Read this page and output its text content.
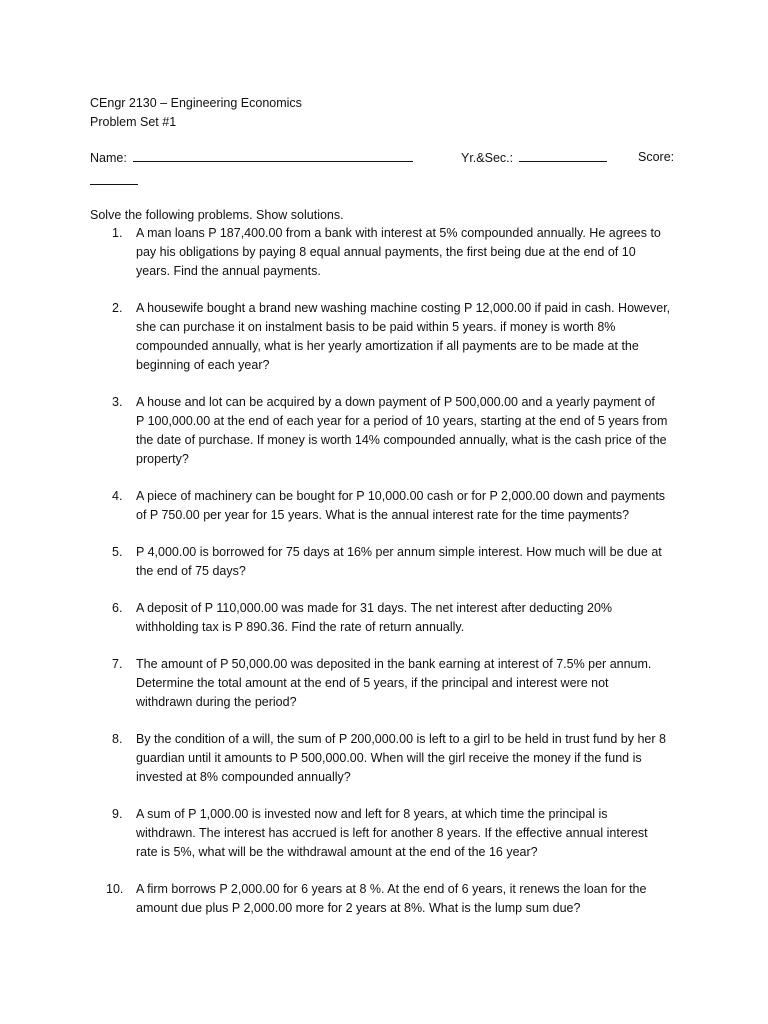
CEngr 2130 – Engineering Economics
Problem Set #1
Name:	Yr.&Sec.:	Score:
Solve the following problems. Show solutions.
1. A man loans P 187,400.00 from a bank with interest at 5% compounded annually. He agrees to
pay his obligations by paying 8 equal annual payments, the first being due at the end of 10
years. Find the annual payments.
2. A housewife bought a brand new washing machine costing P 12,000.00 if paid in cash. However,
she can purchase it on instalment basis to be paid within 5 years. if money is worth 8%
compounded annually, what is her yearly amortization if all payments are to be made at the
beginning of each year?
3. A house and lot can be acquired by a down payment of P 500,000.00 and a yearly payment of
P 100,000.00 at the end of each year for a period of 10 years, starting at the end of 5 years from
the date of purchase. If money is worth 14% compounded annually, what is the cash price of the
property?
4. A piece of machinery can be bought for P 10,000.00 cash or for P 2,000.00 down and payments
of P 750.00 per year for 15 years. What is the annual interest rate for the time payments?
5. P 4,000.00 is borrowed for 75 days at 16% per annum simple interest. How much will be due at
the end of 75 days?
6. A deposit of P 110,000.00 was made for 31 days. The net interest after deducting 20%
withholding tax is P 890.36. Find the rate of return annually.
7. The amount of P 50,000.00 was deposited in the bank earning at interest of 7.5% per annum.
Determine the total amount at the end of 5 years, if the principal and interest were not
withdrawn during the period?
8. By the condition of a will, the sum of P 200,000.00 is left to a girl to be held in trust fund by her 8
guardian until it amounts to P 500,000.00. When will the girl receive the money if the fund is
invested at 8% compounded annually?
9. A sum of P 1,000.00 is invested now and left for 8 years, at which time the principal is
withdrawn. The interest has accrued is left for another 8 years. If the effective annual interest
rate is 5%, what will be the withdrawal amount at the end of the 16 year?
10. A firm borrows P 2,000.00 for 6 years at 8 %. At the end of 6 years, it renews the loan for the
amount due plus P 2,000.00 more for 2 years at 8%. What is the lump sum due?
